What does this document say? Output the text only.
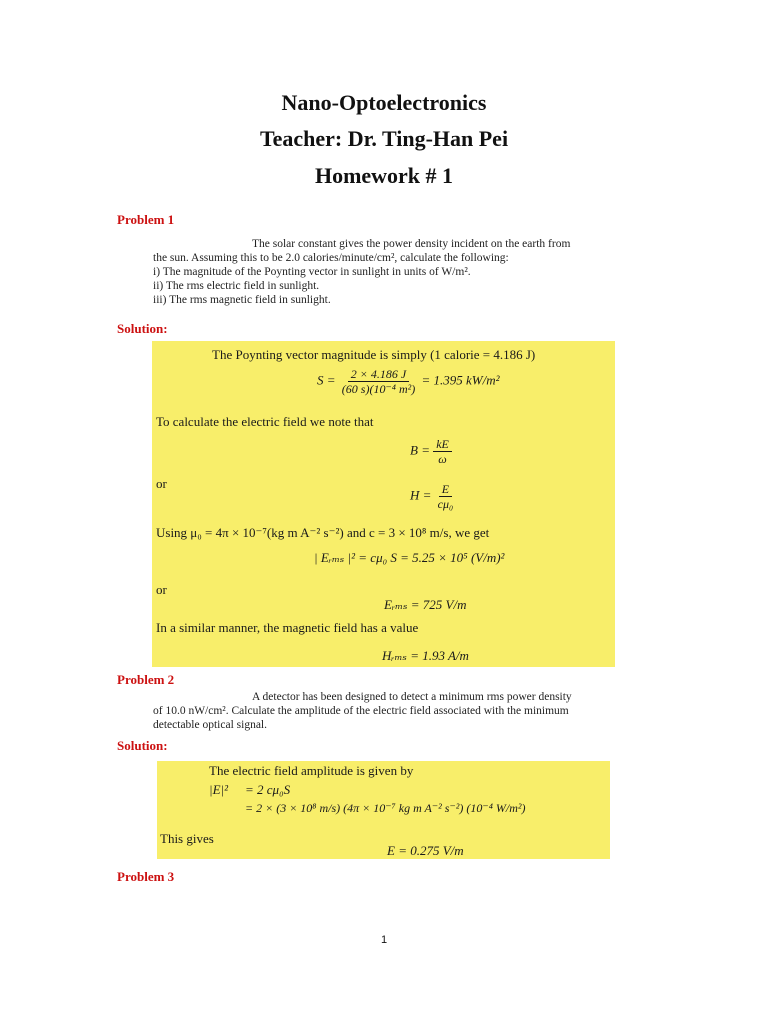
Nano-Optoelectronics
Teacher: Dr. Ting-Han Pei
Homework # 1
Problem 1

The solar constant gives the power density incident on the earth from

the sun. Assuming this to be 2.0 calories/minute/cm², calculate the following:

i) The magnitude of the Poynting vector in sunlight in units of W/m².

ii) The rms electric field in sunlight.

iii) The rms magnetic field in sunlight.

Solution:
The Poynting vector magnitude is simply (1 calorie = 4.186 J)
$S = \frac{2 \times 4.186 J}{\text{(60 s)(10⁻⁴ m²)}} = 1.395$ kW/m²
To calculate the electric field we note that
$B = \frac{kE}{\omega}$
or
$H = \frac{E}{\text{cμ₀}}$
Using μ₀ = 4π × 10⁻⁷(kg m A⁻² s⁻²) and c = 3 × 10⁸ m/s, we get
| Eᵣₘₛ |² = cμ₀ S = 5.25 × 10⁵ (V/m)²
or
Eᵣₘₛ = 725 V/m
In a similar manner, the magnetic field has a value
Hᵣₘₛ = 1.93 A/m
Problem 2

A detector has been designed to detect a minimum rms power density

of 10.0 nW/cm². Calculate the amplitude of the electric field associated with the minimum

detectable optical signal.

Solution:
The electric field amplitude is given by
|E|² = 2 cμ₀S
= 2 × (3 × 10⁸ m/s) (4π × 10⁻⁷ kg m A⁻² s⁻²) (10⁻⁴ W/m²)
This gives
E = 0.275 V/m
Problem 3
1
